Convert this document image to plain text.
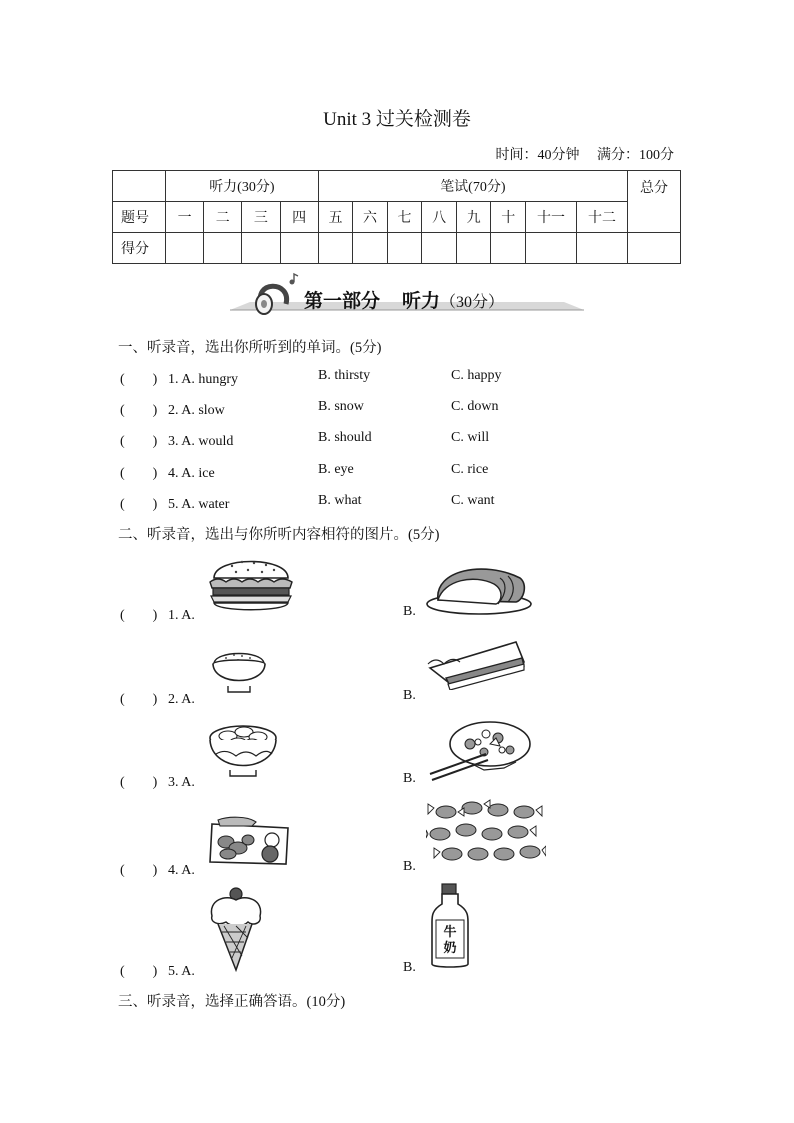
Unit 3 过关检测卷
时间：40分钟 满分：100分
	听力(30分)				笔试(70分)								总分
题号	一	二	三	四	五	六	七	八	九	十	十一	十二	
得分													
第一部分 听力（30分）
一、听录音，选出你所听到的单词。(5分)
(　　) 1. A. hungry	B. thirsty	C. happy
(　　) 2. A. slow	B. snow	C. down
(　　) 3. A. would	B. should	C. will
(　　) 4. A. ice	B. eye	C. rice
(　　) 5. A. water	B. what	C. want
二、听录音，选出与你所听内容相符的图片。(5分)
(　　) 1. A.	B.
(　　) 2. A.	B.
(　　) 3. A.	B.
(　　) 4. A.	B.
(　　) 5. A.	B.
牛
奶
三、听录音，选择正确答语。(10分)
